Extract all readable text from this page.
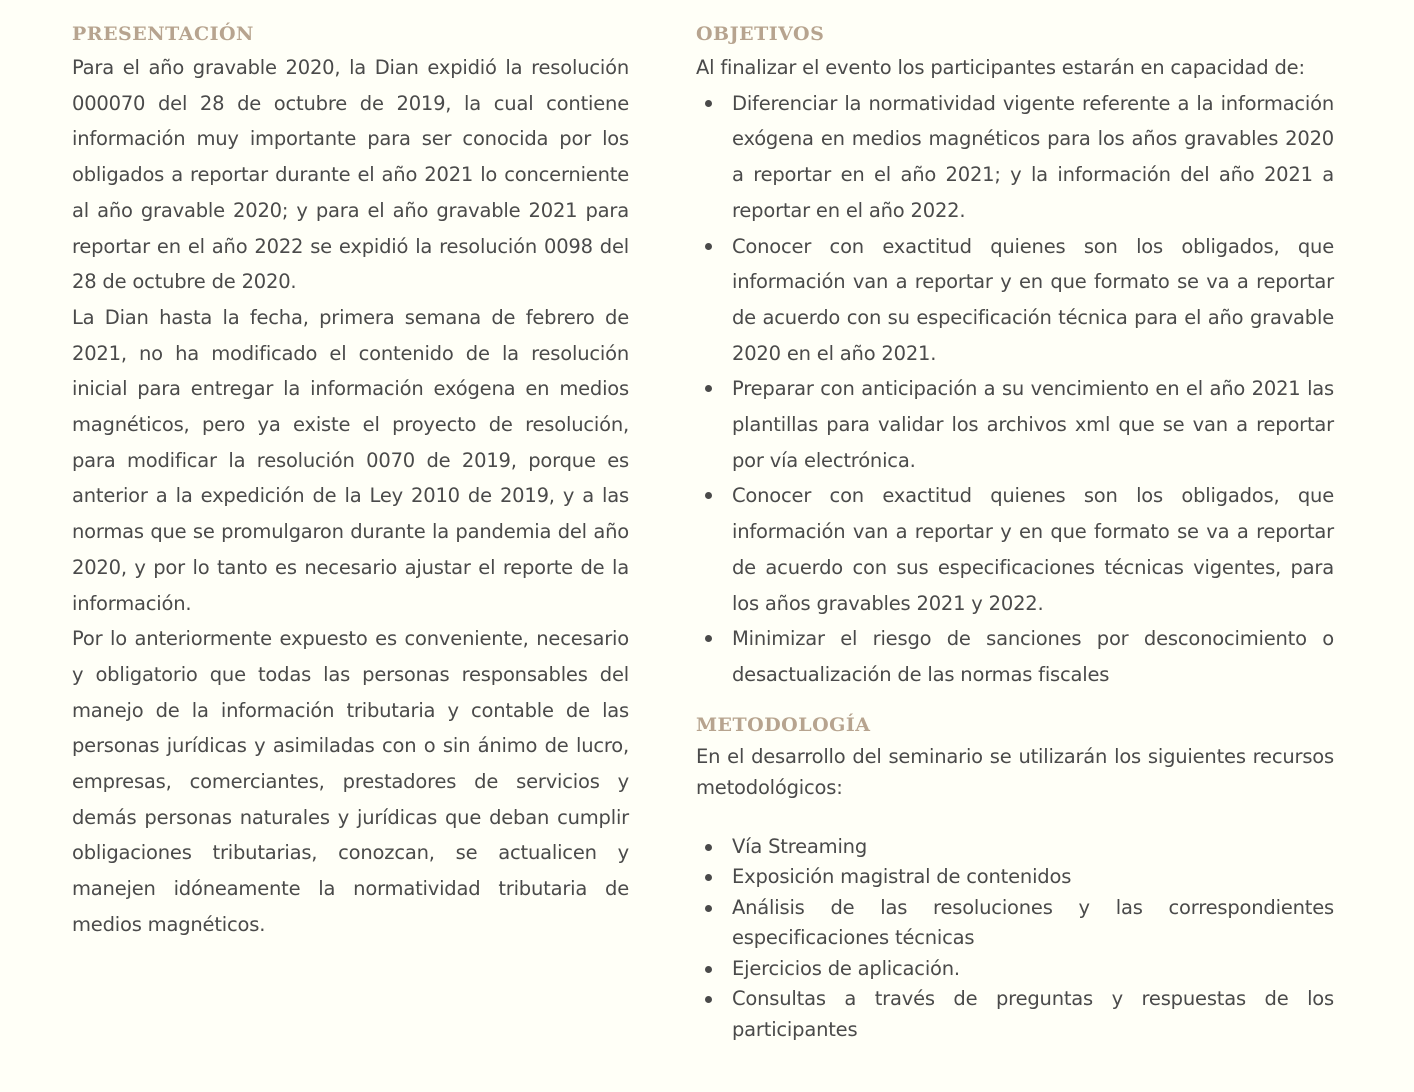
PRESENTACIÓN

Para el año gravable 2020, la Dian expidió la resolución 000070 del 28 de octubre de 2019, la cual contiene información muy importante para ser conocida por los obligados a reportar durante el año 2021 lo concerniente al año gravable 2020; y para el año gravable 2021 para reportar en el año 2022 se expidió la resolución 0098 del 28 de octubre de 2020.

La Dian hasta la fecha, primera semana de febrero de 2021, no ha modificado el contenido de la resolución inicial para entregar la información exógena en medios magnéticos, pero ya existe el proyecto de resolución, para modificar la resolución 0070 de 2019, porque es anterior a la expedición de la Ley 2010 de 2019, y a las normas que se promulgaron durante la pandemia del año 2020, y por lo tanto es necesario ajustar el reporte de la información.

Por lo anteriormente expuesto es conveniente, necesario y obligatorio que todas las personas responsables del manejo de la información tributaria y contable de las personas jurídicas y asimiladas con o sin ánimo de lucro, empresas, comerciantes, prestadores de servicios y demás personas naturales y jurídicas que deban cumplir obligaciones tributarias, conozcan, se actualicen y manejen idóneamente la normatividad tributaria de medios magnéticos.

OBJETIVOS

Al finalizar el evento los participantes estarán en capacidad de:

Diferenciar la normatividad vigente referente a la información exógena en medios magnéticos para los años gravables 2020 a reportar en el año 2021; y la información del año 2021 a reportar en el año 2022.
Conocer con exactitud quienes son los obligados, que información van a reportar y en que formato se va a reportar de acuerdo con su especificación técnica para el año gravable 2020 en el año 2021.
Preparar con anticipación a su vencimiento en el año 2021 las plantillas para validar los archivos xml que se van a reportar por vía electrónica.
Conocer con exactitud quienes son los obligados, que información van a reportar y en que formato se va a reportar de acuerdo con sus especificaciones técnicas vigentes, para los años gravables 2021 y 2022.
Minimizar el riesgo de sanciones por desconocimiento o desactualización de las normas fiscales
METODOLOGÍA

En el desarrollo del seminario se utilizarán los siguientes recursos metodológicos:

Vía Streaming
Exposición magistral de contenidos
Análisis de las resoluciones y las correspondientes especificaciones técnicas
Ejercicios de aplicación.
Consultas a través de preguntas y respuestas de los participantes
